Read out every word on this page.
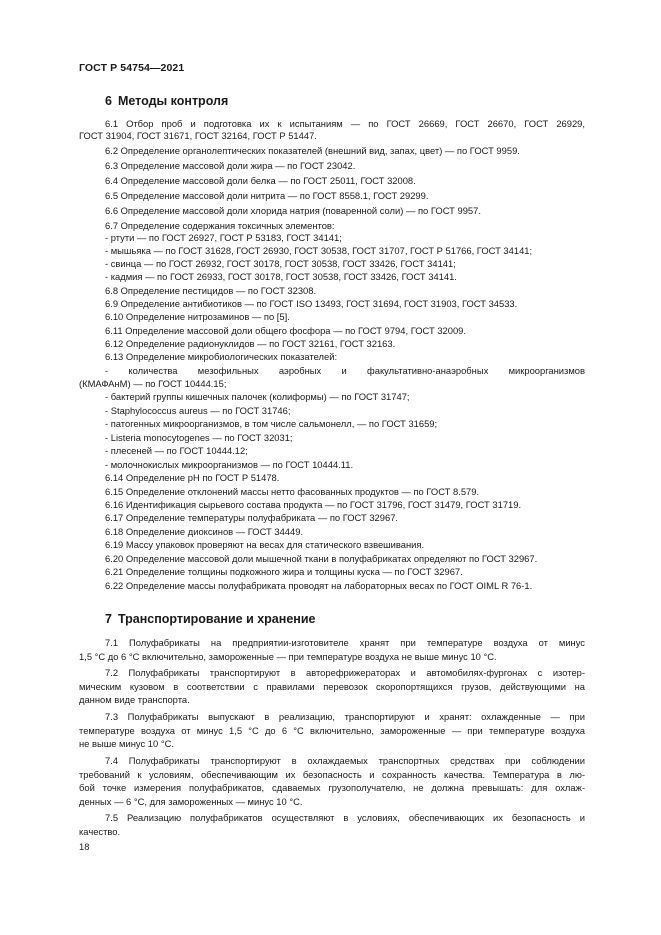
ГОСТ Р 54754—2021
6 Методы контроля
6.1 Отбор проб и подготовка их к испытаниям — по ГОСТ 26669, ГОСТ 26670, ГОСТ 26929,
ГОСТ 31904, ГОСТ 31671, ГОСТ 32164, ГОСТ Р 51447.
6.2 Определение органолептических показателей (внешний вид, запах, цвет) — по ГОСТ 9959.
6.3 Определение массовой доли жира — по ГОСТ 23042.
6.4 Определение массовой доли белка — по ГОСТ 25011, ГОСТ 32008.
6.5 Определение массовой доли нитрита — по ГОСТ 8558.1, ГОСТ 29299.
6.6 Определение массовой доли хлорида натрия (поваренной соли) — по ГОСТ 9957.
6.7 Определение содержания токсичных элементов:
- ртути — по ГОСТ 26927, ГОСТ Р 53183, ГОСТ 34141;
- мышьяка — по ГОСТ 31628, ГОСТ 26930, ГОСТ 30538, ГОСТ 31707, ГОСТ Р 51766, ГОСТ 34141;
- свинца — по ГОСТ 26932, ГОСТ 30178, ГОСТ 30538, ГОСТ 33426, ГОСТ 34141;
- кадмия — по ГОСТ 26933, ГОСТ 30178, ГОСТ 30538, ГОСТ 33426, ГОСТ 34141.
6.8 Определение пестицидов — по ГОСТ 32308.
6.9 Определение антибиотиков — по ГОСТ ISO 13493, ГОСТ 31694, ГОСТ 31903, ГОСТ 34533.
6.10 Определение нитрозаминов — по [5].
6.11 Определение массовой доли общего фосфора — по ГОСТ 9794, ГОСТ 32009.
6.12 Определение радионуклидов — по ГОСТ 32161, ГОСТ 32163.
6.13 Определение микробиологических показателей:
- количества мезофильных аэробных и факультативно-анаэробных микроорганизмов
(КМАФАнМ) — по ГОСТ 10444.15;
- бактерий группы кишечных палочек (колиформы) — по ГОСТ 31747;
- Staphylococcus aureus — по ГОСТ 31746;
- патогенных микроорганизмов, в том числе сальмонелл, — по ГОСТ 31659;
- Listeria monocytogenes — по ГОСТ 32031;
- плесеней — по ГОСТ 10444.12;
- молочнокислых микроорганизмов — по ГОСТ 10444.11.
6.14 Определение pH по ГОСТ Р 51478.
6.15 Определение отклонений массы нетто фасованных продуктов — по ГОСТ 8.579.
6.16 Идентификация сырьевого состава продукта — по ГОСТ 31796, ГОСТ 31479, ГОСТ 31719.
6.17 Определение температуры полуфабриката — по ГОСТ 32967.
6.18 Определение диоксинов — ГОСТ 34449.
6.19 Массу упаковок проверяют на весах для статического взвешивания.
6.20 Определение массовой доли мышечной ткани в полуфабрикатах определяют по ГОСТ 32967.
6.21 Определение толщины подкожного жира и толщины куска — по ГОСТ 32967.
6.22 Определение массы полуфабриката проводят на лабораторных весах по ГОСТ OIML R 76-1.
7 Транспортирование и хранение
7.1 Полуфабрикаты на предприятии-изготовителе хранят при температуре воздуха от минус
1,5 °С до 6 °С включительно, замороженные — при температуре воздуха не выше минус 10 °С.
7.2 Полуфабрикаты транспортируют в авторефрижераторах и автомобилях-фургонах с изотер-
мическим кузовом в соответствии с правилами перевозок скоропортящихся грузов, действующими на
данном виде транспорта.
7.3 Полуфабрикаты выпускают в реализацию, транспортируют и хранят: охлажденные — при
температуре воздуха от минус 1,5 °С до 6 °С включительно, замороженные — при температуре воздуха
не выше минус 10 °С.
7.4 Полуфабрикаты транспортируют в охлаждаемых транспортных средствах при соблюдении
требований к условиям, обеспечивающим их безопасность и сохранность качества. Температура в лю-
бой точке измерения полуфабрикатов, сдаваемых грузополучателю, не должна превышать: для охлаж-
денных — 6 °С, для замороженных — минус 10 °С.
7.5 Реализацию полуфабрикатов осуществляют в условиях, обеспечивающих их безопасность и
качество.
18
